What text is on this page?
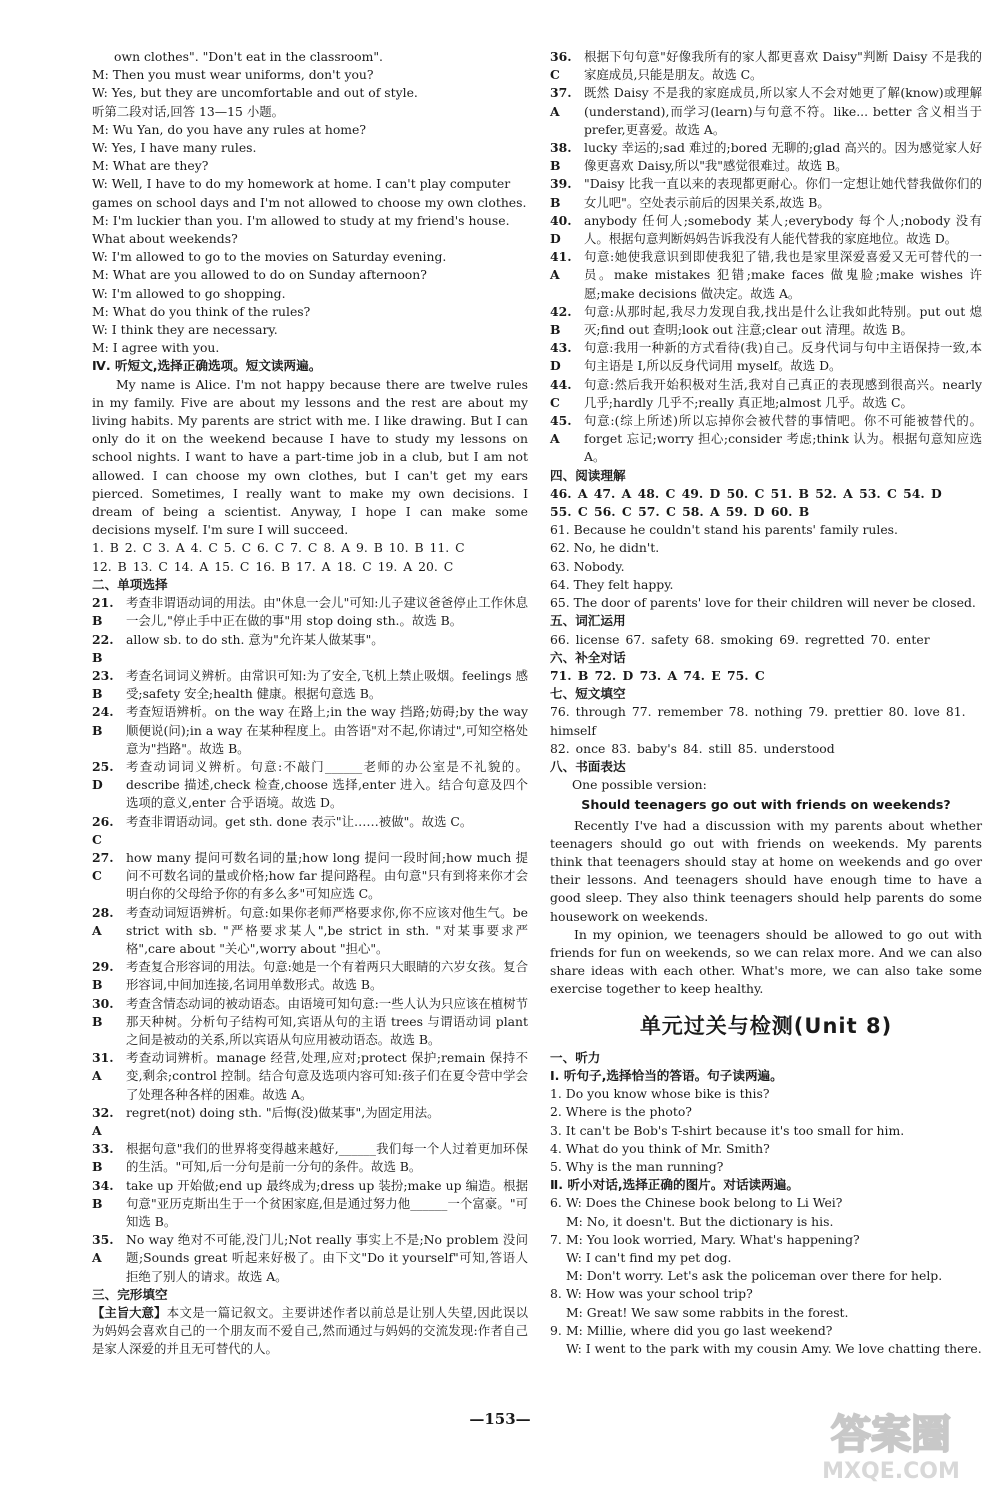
own clothes". "Don't eat in the classroom".

M: Then you must wear uniforms, don't you?

W: Yes, but they are uncomfortable and out of style.

听第二段对话,回答 13—15 小题。

M: Wu Yan, do you have any rules at home?

W: Yes, I have many rules.

M: What are they?

W: Well, I have to do my homework at home. I can't play computer games on school days and I'm not allowed to choose my own clothes.

M: I'm luckier than you. I'm allowed to study at my friend's house. What about weekends?

W: I'm allowed to go to the movies on Saturday evening.

M: What are you allowed to do on Sunday afternoon?

W: I'm allowed to go shopping.

M: What do you think of the rules?

W: I think they are necessary.

M: I agree with you.

Ⅳ. 听短文,选择正确选项。短文读两遍。

My name is Alice. I'm not happy because there are twelve rules in my family. Five are about my lessons and the rest are about my living habits. My parents are strict with me. I like drawing. But I can only do it on the weekend because I have to study my lessons on school nights. I want to have a part-time job in a club, but I am not allowed. I can choose my own clothes, but I can't get my ears pierced. Sometimes, I really want to make my own decisions. I dream of being a scientist. Anyway, I hope I can make some decisions myself. I'm sure I will succeed.

1. B 2. C 3. A 4. C 5. C 6. C 7. C 8. A 9. B 10. B 11. C

12. B 13. C 14. A 15. C 16. B 17. A 18. C 19. A 20. C

二、单项选择

21. B
考查非谓语动词的用法。由"休息一会儿"可知:儿子建议爸爸停止工作休息一会儿,"停止手中正在做的事"用 stop doing sth.。故选 B。
22. B
allow sb. to do sth. 意为"允许某人做某事"。
23. B
考查名词词义辨析。由常识可知:为了安全,飞机上禁止吸烟。feelings 感受;safety 安全;health 健康。根据句意选 B。
24. B
考查短语辨析。on the way 在路上;in the way 挡路;妨碍;by the way 顺便说(问);in a way 在某种程度上。由答语"对不起,你请过",可知空格处意为"挡路"。故选 B。
25. D
考查动词词义辨析。句意:不敲门______老师的办公室是不礼貌的。describe 描述,check 检查,choose 选择,enter 进入。结合句意及四个选项的意义,enter 合乎语境。故选 D。
26. C
考查非谓语动词。get sth. done 表示"让……被做"。故选 C。
27. C
how many 提问可数名词的量;how long 提问一段时间;how much 提问不可数名词的量或价格;how far 提问路程。由句意"只有到将来你才会明白你的父母给予你的有多么多"可知应选 C。
28. A
考查动词短语辨析。句意:如果你老师严格要求你,你不应该对他生气。be strict with sb. "严格要求某人",be strict in sth. "对某事要求严格",care about "关心",worry about "担心"。
29. B
考查复合形容词的用法。句意:她是一个有着两只大眼睛的六岁女孩。复合形容词,中间加连接,名词用单数形式。故选 B。
30. B
考查含情态动词的被动语态。由语境可知句意:一些人认为只应该在植树节那天种树。分析句子结构可知,宾语从句的主语 trees 与谓语动词 plant 之间是被动的关系,所以宾语从句应用被动语态。故选 B。
31. A
考查动词辨析。manage 经营,处理,应对;protect 保护;remain 保持不变,剩余;control 控制。结合句意及选项内容可知:孩子们在夏令营中学会了处理各种各样的困难。故选 A。
32. A
regret(not) doing sth. "后悔(没)做某事",为固定用法。
33. B
根据句意"我们的世界将变得越来越好,______我们每一个人过着更加环保的生活。"可知,后一分句是前一分句的条件。故选 B。
34. B
take up 开始做;end up 最终成为;dress up 装扮;make up 编造。根据句意"亚历克斯出生于一个贫困家庭,但是通过努力他______一个富豪。"可知选 B。
35. A
No way 绝对不可能,没门儿;Not really 事实上不是;No problem 没问题;Sounds great 听起来好极了。由下文"Do it yourself"可知,答语人拒绝了别人的请求。故选 A。

三、完形填空

【主旨大意】本文是一篇记叙文。主要讲述作者以前总是让别人失望,因此误以为妈妈会喜欢自己的一个朋友而不爱自己,然而通过与妈妈的交流发现:作者自己是家人深爱的并且无可替代的人。

36. C
根据下句句意"好像我所有的家人都更喜欢 Daisy"判断 Daisy 不是我的家庭成员,只能是朋友。故选 C。
37. A
既然 Daisy 不是我的家庭成员,所以家人不会对她更了解(know)或理解(understand),而学习(learn)与句意不符。like... better 含义相当于 prefer,更喜爱。故选 A。
38. B
lucky 幸运的;sad 难过的;bored 无聊的;glad 高兴的。因为感觉家人好像更喜欢 Daisy,所以"我"感觉很难过。故选 B。
39. B
"Daisy 比我一直以来的表现都更耐心。你们一定想让她代替我做你们的女儿吧"。空处表示前后的因果关系,故选 B。
40. D
anybody 任何人;somebody 某人;everybody 每个人;nobody 没有人。根据句意判断妈妈告诉我没有人能代替我的家庭地位。故选 D。
41. A
句意:她使我意识到即使我犯了错,我也是家里深爱喜爱又无可替代的一员。make mistakes 犯错;make faces 做鬼脸;make wishes 许愿;make decisions 做决定。故选 A。
42. B
句意:从那时起,我尽力发现自我,找出是什么让我如此特别。put out 熄灭;find out 查明;look out 注意;clear out 清理。故选 B。
43. D
句意:我用一种新的方式看待(我)自己。反身代词与句中主语保持一致,本句主语是 I,所以反身代词用 myself。故选 D。
44. C
句意:然后我开始积极对生活,我对自己真正的表现感到很高兴。nearly 几乎;hardly 几乎不;really 真正地;almost 几乎。故选 C。
45. A
句意:(综上所述)所以忘掉你会被代替的事情吧。你不可能被替代的。forget 忘记;worry 担心;consider 考虑;think 认为。根据句意知应选 A。

四、阅读理解

46. A 47. A 48. C 49. D 50. C 51. B 52. A 53. C 54. D

55. C 56. C 57. C 58. A 59. D 60. B

61. Because he couldn't stand his parents' family rules.

62. No, he didn't.

63. Nobody.

64. They felt happy.

65. The door of parents' love for their children will never be closed.

五、词汇运用

66. license 67. safety 68. smoking 69. regretted 70. enter

六、补全对话

71. B 72. D 73. A 74. E 75. C

七、短文填空

76. through 77. remember 78. nothing 79. prettier 80. love 81. himself

82. once 83. baby's 84. still 85. understood

八、书面表达

One possible version:

Should teenagers go out with friends on weekends?

Recently I've had a discussion with my parents about whether teenagers should go out with friends on weekends. My parents think that teenagers should stay at home on weekends and go over their lessons. And teenagers should have enough time to have a good sleep. They also think teenagers should help parents do some housework on weekends.

In my opinion, we teenagers should be allowed to go out with friends for fun on weekends, so we can relax more. And we can also share ideas with each other. What's more, we can also take some exercise together to keep healthy.

单元过关与检测(Unit 8)

一、听力

Ⅰ. 听句子,选择恰当的答语。句子读两遍。

1. Do you know whose bike is this?

2. Where is the photo?

3. It can't be Bob's T-shirt because it's too small for him.

4. What do you think of Mr. Smith?

5. Why is the man running?

Ⅱ. 听小对话,选择正确的图片。对话读两遍。

6. W: Does the Chinese book belong to Li Wei?
M: No, it doesn't. But the dictionary is his.
7. M: You look worried, Mary. What's happening?
W: I can't find my pet dog.
M: Don't worry. Let's ask the policeman over there for help.
8. W: How was your school trip?
M: Great! We saw some rabbits in the forest.
9. M: Millie, where did you go last weekend?
W: I went to the park with my cousin Amy. We love chatting there.
—153—	答案圈
MXQE.COM
